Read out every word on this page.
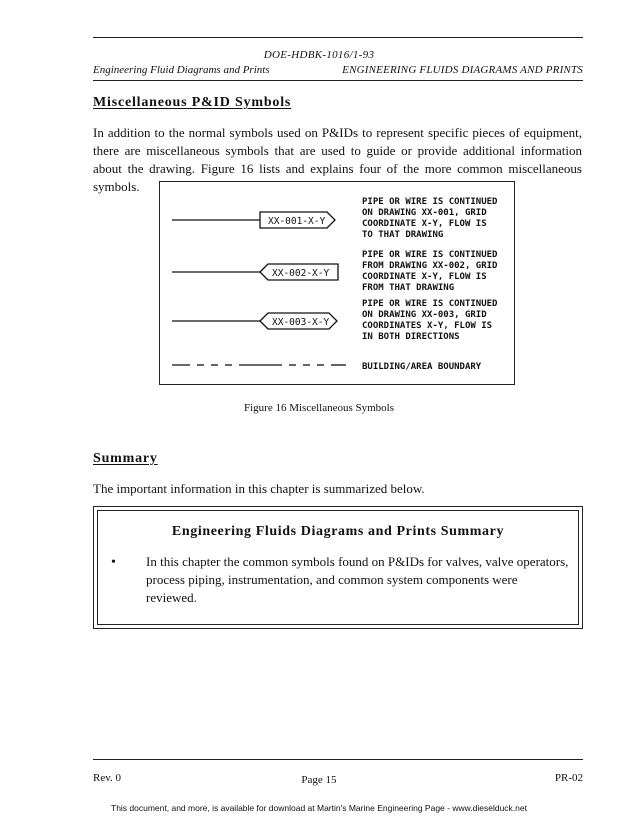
DOE-HDBK-1016/1-93
Engineering Fluid Diagrams and Prints	ENGINEERING FLUIDS DIAGRAMS AND PRINTS
Miscellaneous P&ID Symbols
In addition to the normal symbols used on P&IDs to represent specific pieces of equipment, there are miscellaneous symbols that are used to guide or provide additional information about the drawing. Figure 16 lists and explains four of the more common miscellaneous symbols.
XX-001-X-Y
XX-002-X-Y
XX-003-X-Y
PIPE OR WIRE IS CONTINUED
ON DRAWING XX-001, GRID
COORDINATE X-Y, FLOW IS
TO THAT DRAWING
PIPE OR WIRE IS CONTINUED
FROM DRAWING XX-002, GRID
COORDINATE X-Y, FLOW IS
FROM THAT DRAWING
PIPE OR WIRE IS CONTINUED
ON DRAWING XX-003, GRID
COORDINATES X-Y, FLOW IS
IN BOTH DIRECTIONS
BUILDING/AREA BOUNDARY
Figure 16 Miscellaneous Symbols
Summary
The important information in this chapter is summarized below.
Engineering Fluids Diagrams and Prints Summary
• In this chapter the common symbols found on P&IDs for valves, valve operators, process piping, instrumentation, and common system components were reviewed.
Rev. 0	Page 15	PR-02
This document, and more, is available for download at Martin's Marine Engineering Page - www.dieselduck.net
